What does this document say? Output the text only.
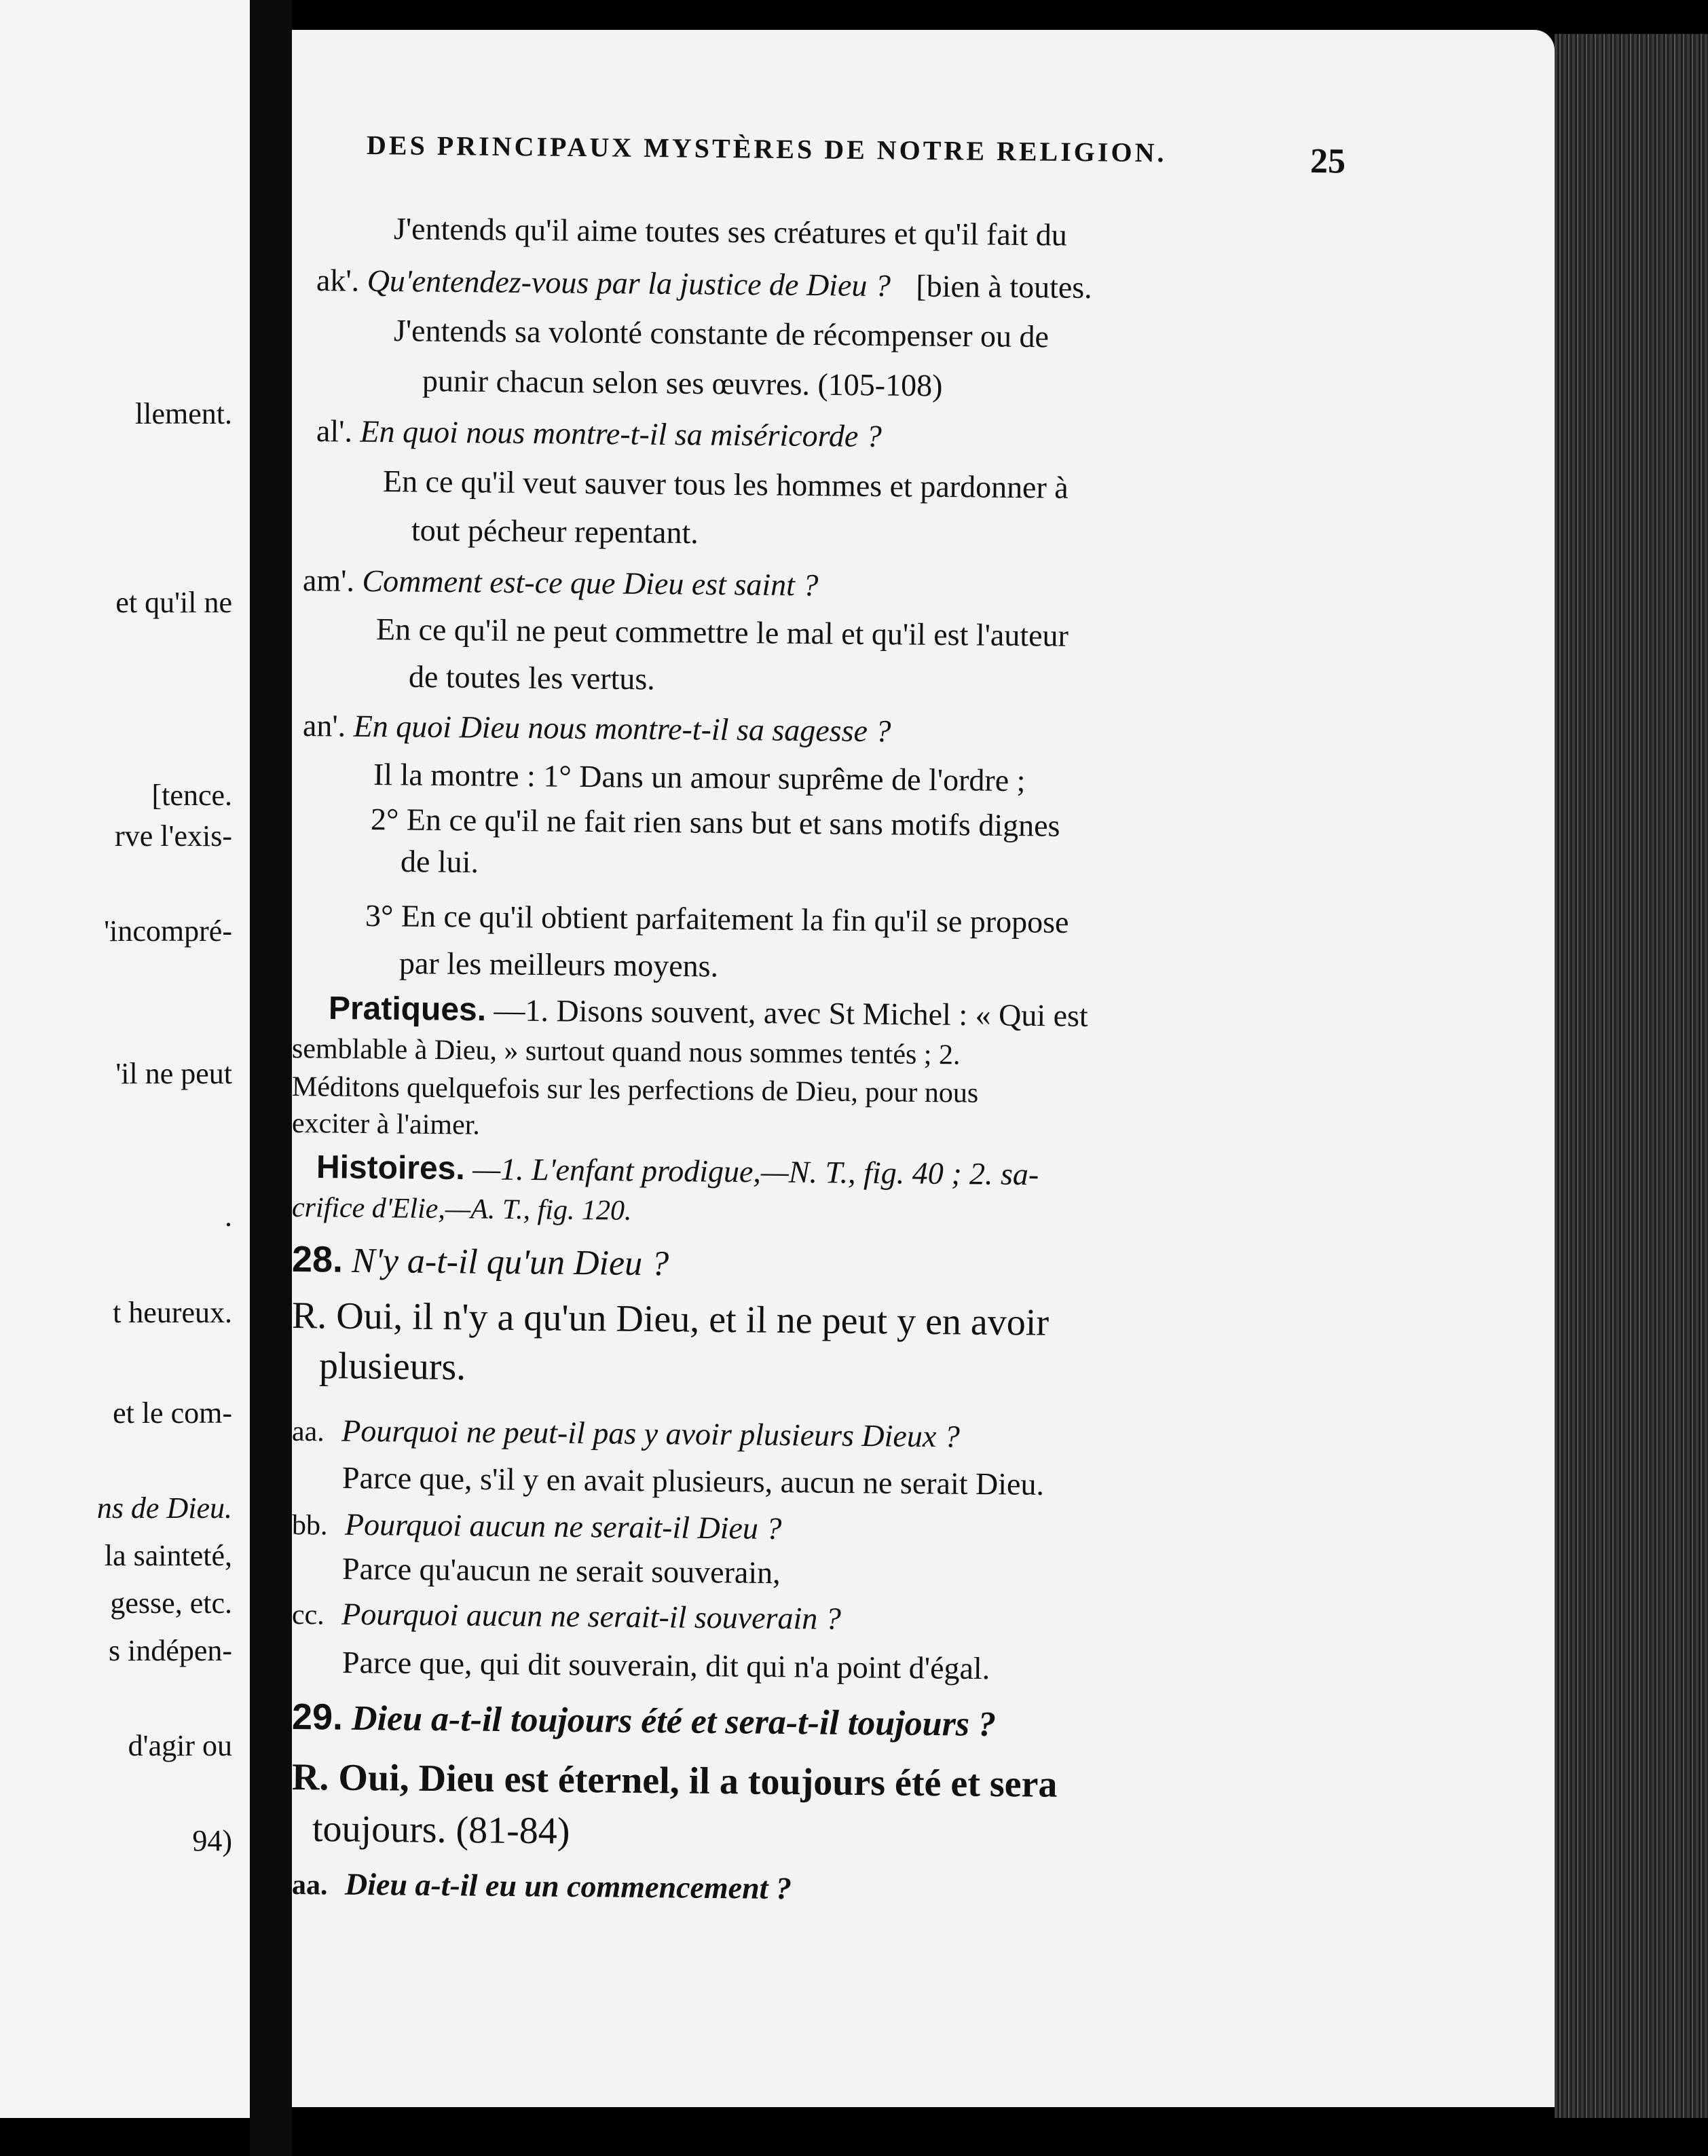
llement.
et qu'il ne
[tence.
rve l'exis-
'incompré-
'il ne peut
.
t heureux.
et le com-
ns de Dieu.
la sainteté,
gesse, etc.
s indépen-
d'agir ou
94)
DES PRINCIPAUX MYSTÈRES DE NOTRE RELIGION.	25
J'entends qu'il aime toutes ses créatures et qu'il fait du
ak'. Qu'entendez-vous par la justice de Dieu ? [bien à toutes.
J'entends sa volonté constante de récompenser ou de
punir chacun selon ses œuvres. (105-108)
al'. En quoi nous montre-t-il sa miséricorde ?
En ce qu'il veut sauver tous les hommes et pardonner à
tout pécheur repentant.
am'. Comment est-ce que Dieu est saint ?
En ce qu'il ne peut commettre le mal et qu'il est l'auteur
de toutes les vertus.
an'. En quoi Dieu nous montre-t-il sa sagesse ?
Il la montre : 1° Dans un amour suprême de l'ordre ;
2° En ce qu'il ne fait rien sans but et sans motifs dignes
de lui.
3° En ce qu'il obtient parfaitement la fin qu'il se propose
par les meilleurs moyens.
Pratiques. —1. Disons souvent, avec St Michel : « Qui est
semblable à Dieu, » surtout quand nous sommes tentés ; 2.
Méditons quelquefois sur les perfections de Dieu, pour nous
exciter à l'aimer.
Histoires. —1. L'enfant prodigue,—N. T., fig. 40 ; 2. sa-
crifice d'Elie,—A. T., fig. 120.
28. N'y a-t-il qu'un Dieu ?
R. Oui, il n'y a qu'un Dieu, et il ne peut y en avoir
plusieurs.
aa. Pourquoi ne peut-il pas y avoir plusieurs Dieux ?
Parce que, s'il y en avait plusieurs, aucun ne serait Dieu.
bb. Pourquoi aucun ne serait-il Dieu ?
Parce qu'aucun ne serait souverain,
cc. Pourquoi aucun ne serait-il souverain ?
Parce que, qui dit souverain, dit qui n'a point d'égal.
29. Dieu a-t-il toujours été et sera-t-il toujours ?
R. Oui, Dieu est éternel, il a toujours été et sera
toujours. (81-84)
aa. Dieu a-t-il eu un commencement ?
